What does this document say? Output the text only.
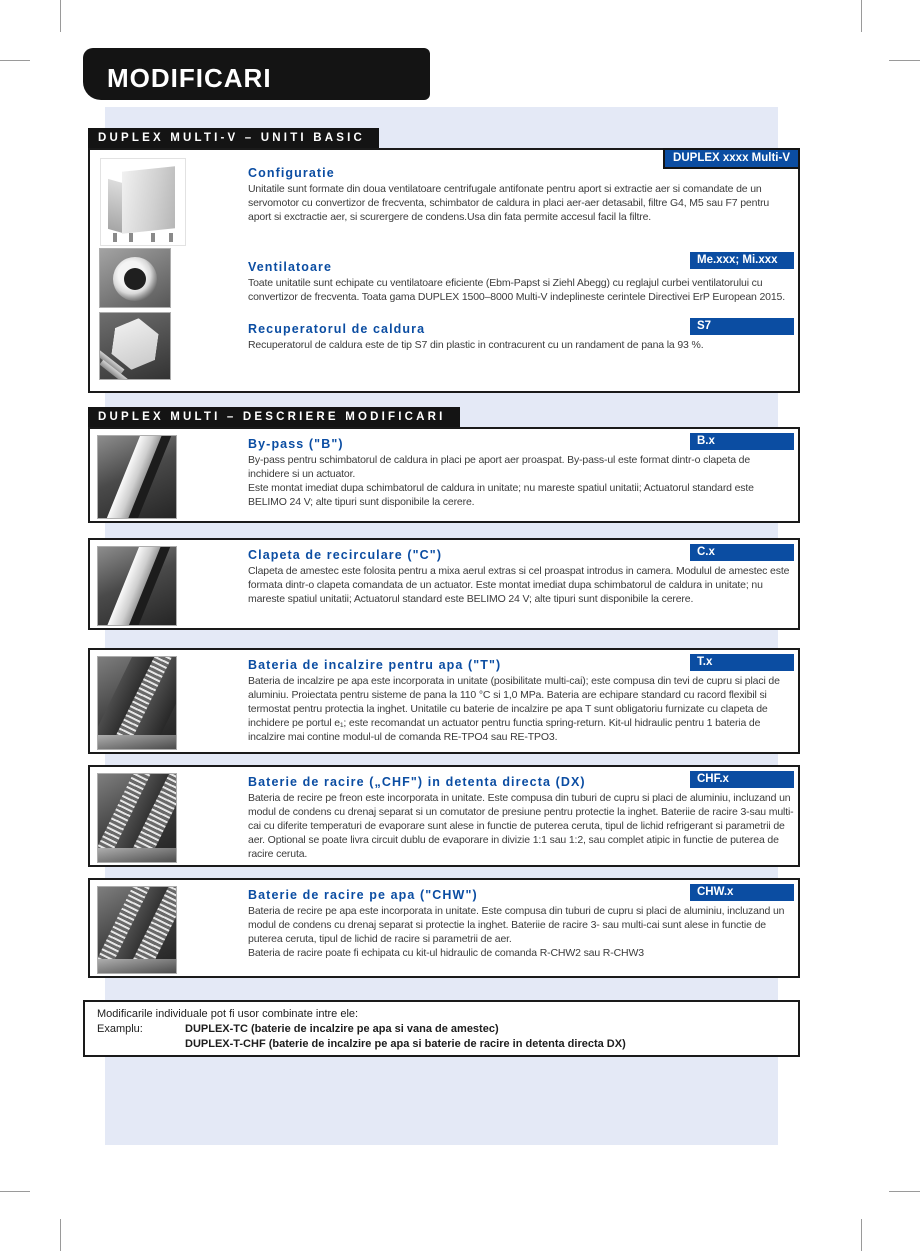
MODIFICARI
DUPLEX MULTI-V – UNITI BASIC
DUPLEX xxxx Multi-V
Configuratie
Unitatile sunt formate din doua ventilatoare centrifugale antifonate pentru aport si extractie aer si comandate de un servomotor cu convertizor de frecventa, schimbator de caldura in placi aer-aer detasabil, filtre G4, M5 sau F7 pentru aport si exctractie aer, si scurergere de condens.Usa din fata permite accesul facil la filtre.
Me.xxx; Mi.xxx
Ventilatoare
Toate unitatile sunt echipate cu ventilatoare eficiente (Ebm-Papst si Ziehl Abegg) cu reglajul curbei ventilatorului cu convertizor de frecventa. Toata gama DUPLEX 1500–8000 Multi-V indeplineste cerintele Directivei ErP European 2015.
S7
Recuperatorul de caldura
Recuperatorul de caldura este de tip S7 din plastic in contracurent cu un randament de pana la 93 %.
DUPLEX MULTI – DESCRIERE MODIFICARI
B.x
By-pass ("B")
By-pass pentru schimbatorul de caldura in placi pe aport aer proaspat. By-pass-ul este format dintr-o clapeta de inchidere si un actuator.
Este montat imediat dupa schimbatorul de caldura in unitate; nu mareste spatiul unitatii; Actuatorul standard este BELIMO 24 V; alte tipuri sunt disponibile la cerere.
C.x
Clapeta de recirculare ("C")
Clapeta de amestec este folosita pentru a mixa aerul extras si cel proaspat introdus in camera. Modulul de amestec este formata dintr-o clapeta comandata de un actuator. Este montat imediat dupa schimbatorul de caldura in unitate; nu mareste spatiul unitatii; Actuatorul standard este BELIMO 24 V; alte tipuri sunt disponibile la cerere.
T.x
Bateria de incalzire pentru apa ("T")
Bateria de incalzire pe apa este incorporata in unitate (posibilitate multi-cai); este compusa din tevi de cupru si placi de aluminiu. Proiectata pentru sisteme de pana la 110 °C si 1,0 MPa. Bateria are echipare standard cu racord flexibil si termostat pentru protectia la inghet. Unitatile cu baterie de incalzire pe apa T sunt obligatoriu furnizate cu clapeta de inchidere pe portul e₁; este recomandat un actuator pentru functia spring-return. Kit-ul hidraulic pentru 1 bateria de incalzire mai contine modul-ul de comanda RE-TPO4 sau RE-TPO3.
CHF.x
Baterie de racire („CHF") in detenta directa (DX)
Bateria de recire pe freon este incorporata in unitate. Este compusa din tuburi de cupru si placi de aluminiu, incluzand un modul de condens cu drenaj separat si un comutator de presiune pentru protectie la inghet. Bateriie de racire 3-sau multi-cai cu diferite temperaturi de evaporare sunt alese in functie de puterea ceruta, tipul de lichid refrigerant si parametrii de aer. Optional se poate livra circuit dublu de evaporare in divizie 1:1 sau 1:2, sau complet atipic in functie de puterea de racire ceruta.
CHW.x
Baterie de racire pe apa ("CHW")
Bateria de recire pe apa este incorporata in unitate. Este compusa din tuburi de cupru si placi de aluminiu, incluzand un modul de condens cu drenaj separat si protectie la inghet. Bateriie de racire 3- sau multi-cai sunt alese in functie de puterea ceruta, tipul de lichid de racire si parametrii de aer.
Bateria de racire poate fi echipata cu kit-ul hidraulic de comanda R-CHW2 sau R-CHW3
Modificarile individuale pot fi usor combinate intre ele:
Examplu:	DUPLEX-TC (baterie de incalzire pe apa si vana de amestec)
DUPLEX-T-CHF (baterie de incalzire pe apa si baterie de racire in detenta directa DX)
